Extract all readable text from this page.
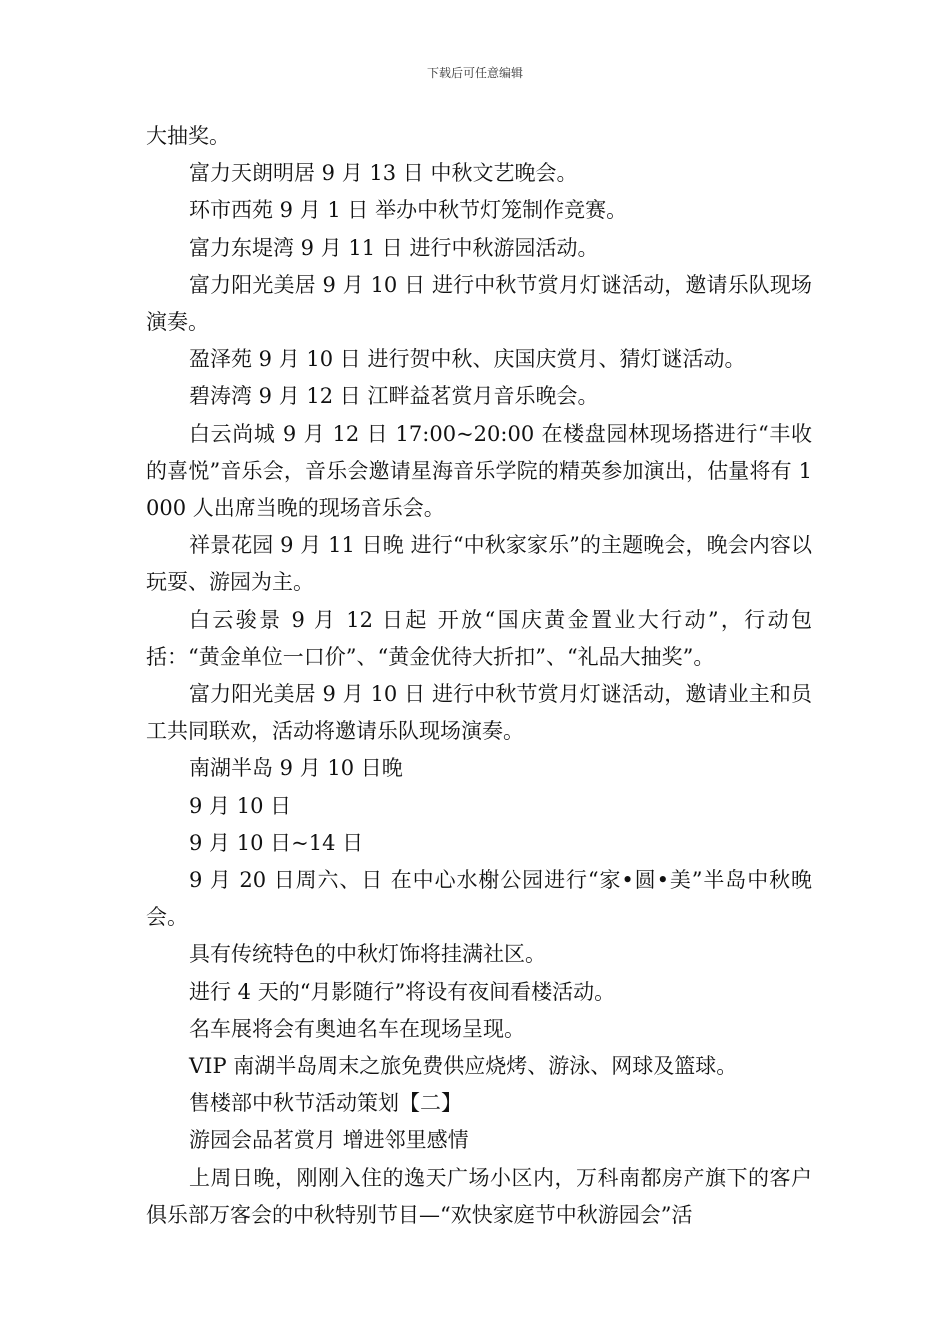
下载后可任意编辑

大抽奖。

富力天朗明居 9 月 13 日 中秋文艺晚会。

环市西苑 9 月 1 日 举办中秋节灯笼制作竞赛。

富力东堤湾 9 月 11 日 进行中秋游园活动。

富力阳光美居 9 月 10 日 进行中秋节赏月灯谜活动，邀请乐队现场演奏。

盈泽苑 9 月 10 日 进行贺中秋、庆国庆赏月、猜灯谜活动。

碧涛湾 9 月 12 日 江畔益茗赏月音乐晚会。

白云尚城 9 月 12 日 17:00~20:00 在楼盘园林现场搭进行“丰收的喜悦”音乐会，音乐会邀请星海音乐学院的精英参加演出，估量将有 1000 人出席当晚的现场音乐会。

祥景花园 9 月 11 日晚 进行“中秋家家乐”的主题晚会，晚会内容以玩耍、游园为主。

白云骏景 9 月 12 日起 开放“国庆黄金置业大行动”，行动包括：“黄金单位一口价”、“黄金优待大折扣”、“礼品大抽奖”。

富力阳光美居 9 月 10 日 进行中秋节赏月灯谜活动，邀请业主和员工共同联欢，活动将邀请乐队现场演奏。

南湖半岛 9 月 10 日晚

9 月 10 日

9 月 10 日~14 日

9 月 20 日周六、日 在中心水榭公园进行“家•圆•美”半岛中秋晚会。

具有传统特色的中秋灯饰将挂满社区。

进行 4 天的“月影随行”将设有夜间看楼活动。

名车展将会有奥迪名车在现场呈现。

VIP 南湖半岛周末之旅免费供应烧烤、游泳、网球及篮球。

售楼部中秋节活动策划【二】

游园会品茗赏月 增进邻里感情

上周日晚，刚刚入住的逸天广场小区内，万科南都房产旗下的客户俱乐部万客会的中秋特别节目—“欢快家庭节中秋游园会”活
